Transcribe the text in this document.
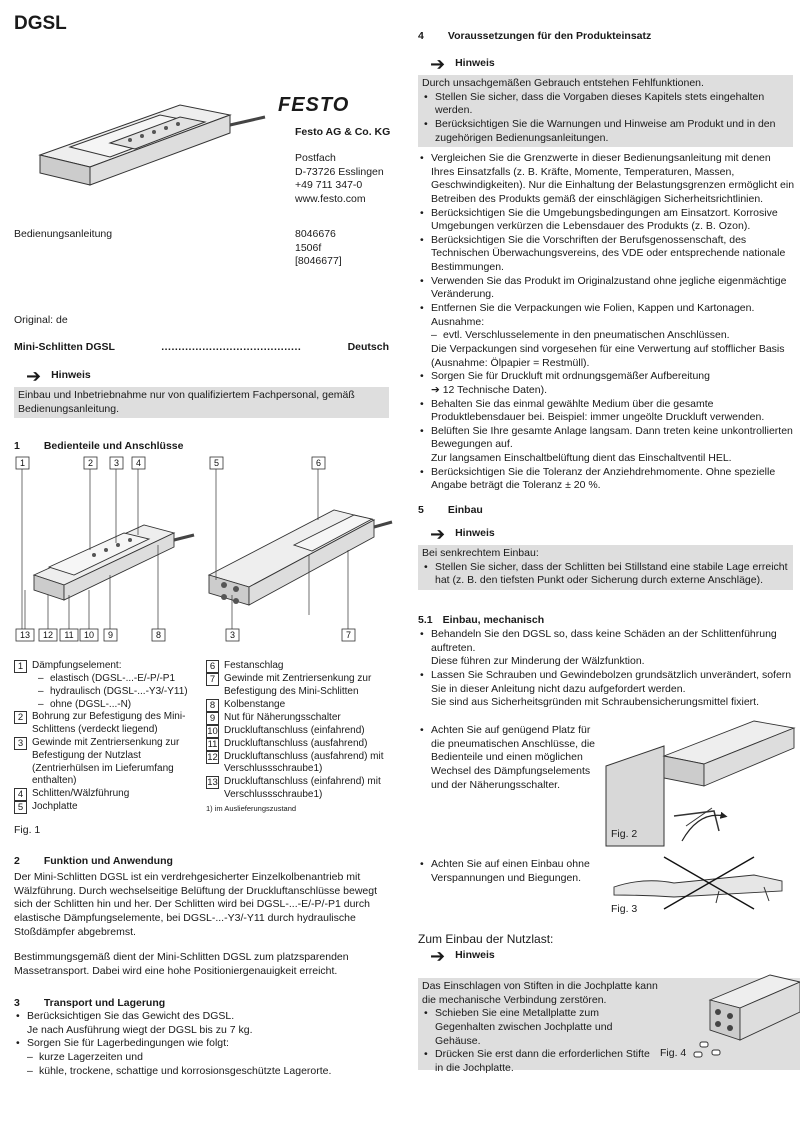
DGSL
Bedienungsanleitung
Original: de
Mini-Schlitten DGSL	.........................................	Deutsch
➔ Hinweis
Einbau und Inbetriebnahme nur von qualifiziertem Fachpersonal, gemäß Bedienungsanleitung.
1 Bedienteile und Anschlüsse
1	2 3 4	5	6
13 12 11 10 9	8	3	7
1 Dämpfungselement:
– elastisch (DGSL-...-E/-P/-P1
– hydraulisch (DGSL-...-Y3/-Y11)
– ohne (DGSL-...-N)
2 Bohrung zur Befestigung des Mini-Schlittens (verdeckt liegend)
3 Gewinde mit Zentriersenkung zur Befestigung der Nutzlast (Zentrierhülsen im Lieferumfang enthalten)
4 Schlitten/Wälzführung
5 Jochplatte
6 Festanschlag
7 Gewinde mit Zentriersenkung zur Befestigung des Mini-Schlitten
8 Kolbenstange
9 Nut für Näherungsschalter
10 Druckluftanschluss (einfahrend)
11 Druckluftanschluss (ausfahrend)
12 Druckluftanschluss (ausfahrend) mit Verschlussschraube1)
13 Druckluftanschluss (einfahrend) mit Verschlussschraube1)
1) im Auslieferungszustand
Fig. 1
2 Funktion und Anwendung
Der Mini-Schlitten DGSL ist ein verdrehgesicherter Einzelkolbenantrieb mit Wälzführung. Durch wechselseitige Belüftung der Druckluftanschlüsse bewegt sich der Schlitten hin und her. Der Schlitten wird bei DGSL-...-E/-P/-P1 durch elastische Dämpfungselemente, bei DGSL-...-Y3/-Y11 durch hydraulische Stoßdämpfer abgebremst.
Bestimmungsgemäß dient der Mini-Schlitten DGSL zum platzsparenden Massetransport. Dabei wird eine hohe Positioniergenauigkeit erreicht.
3 Transport und Lagerung
• Berücksichtigen Sie das Gewicht des DGSL.
Je nach Ausführung wiegt der DGSL bis zu 7 kg.
• Sorgen Sie für Lagerbedingungen wie folgt:
– kurze Lagerzeiten und
– kühle, trockene, schattige und korrosionsgeschützte Lagerorte.
FESTO
Festo AG & Co. KG
Postfach
D-73726 Esslingen
+49 711 347-0
www.festo.com
8046676
1506f
[8046677]
4 Voraussetzungen für den Produkteinsatz
➔ Hinweis
Durch unsachgemäßen Gebrauch entstehen Fehlfunktionen.
• Stellen Sie sicher, dass die Vorgaben dieses Kapitels stets eingehalten werden.
• Berücksichtigen Sie die Warnungen und Hinweise am Produkt und in den zugehörigen Bedienungsanleitungen.
• Vergleichen Sie die Grenzwerte in dieser Bedienungsanleitung mit denen Ihres Einsatzfalls (z. B. Kräfte, Momente, Temperaturen, Massen, Geschwindigkeiten). Nur die Einhaltung der Belastungsgrenzen ermöglicht ein Betreiben des Produkts gemäß der einschlägigen Sicherheitsrichtlinien.
• Berücksichtigen Sie die Umgebungsbedingungen am Einsatzort. Korrosive Umgebungen verkürzen die Lebensdauer des Produkts (z. B. Ozon).
• Berücksichtigen Sie die Vorschriften der Berufsgenossenschaft, des Technischen Überwachungsvereins, des VDE oder entsprechende nationale Bestimmungen.
• Verwenden Sie das Produkt im Originalzustand ohne jegliche eigenmächtige Veränderung.
• Entfernen Sie die Verpackungen wie Folien, Kappen und Kartonagen.
Ausnahme:
– evtl. Verschlusselemente in den pneumatischen Anschlüssen.
Die Verpackungen sind vorgesehen für eine Verwertung auf stofflicher Basis (Ausnahme: Ölpapier = Restmüll).
• Sorgen Sie für Druckluft mit ordnungsgemäßer Aufbereitung
➔ 12 Technische Daten).
• Behalten Sie das einmal gewählte Medium über die gesamte Produktlebensdauer bei. Beispiel: immer ungeölte Druckluft verwenden.
• Belüften Sie Ihre gesamte Anlage langsam. Dann treten keine unkontrollierten Bewegungen auf.
Zur langsamen Einschaltbelüftung dient das Einschaltventil HEL.
• Berücksichtigen Sie die Toleranz der Anziehdrehmomente. Ohne spezielle Angabe beträgt die Toleranz ± 20 %.
5 Einbau
➔ Hinweis
Bei senkrechtem Einbau:
• Stellen Sie sicher, dass der Schlitten bei Stillstand eine stabile Lage erreicht hat (z. B. den tiefsten Punkt oder Sicherung durch externe Anschläge).
5.1 Einbau, mechanisch
• Behandeln Sie den DGSL so, dass keine Schäden an der Schlittenführung auftreten.
Diese führen zur Minderung der Wälzfunktion.
• Lassen Sie Schrauben und Gewindebolzen grundsätzlich unverändert, sofern Sie in dieser Anleitung nicht dazu aufgefordert werden.
Sie sind aus Sicherheitsgründen mit Schraubensicherungsmittel fixiert.
• Achten Sie auf genügend Platz für die pneumatischen Anschlüsse, die Bedienteile und einen möglichen Wechsel des Dämpfungselements und der Näherungsschalter.
Fig. 2
• Achten Sie auf einen Einbau ohne Verspannungen und Biegungen.
Fig. 3
Zum Einbau der Nutzlast:
➔ Hinweis
Das Einschlagen von Stiften in die Jochplatte kann die mechanische Verbindung zerstören.
• Schieben Sie eine Metallplatte zum Gegenhalten zwischen Jochplatte und Gehäuse.
• Drücken Sie erst dann die erforderlichen Stifte in die Jochplatte.
Fig. 4
